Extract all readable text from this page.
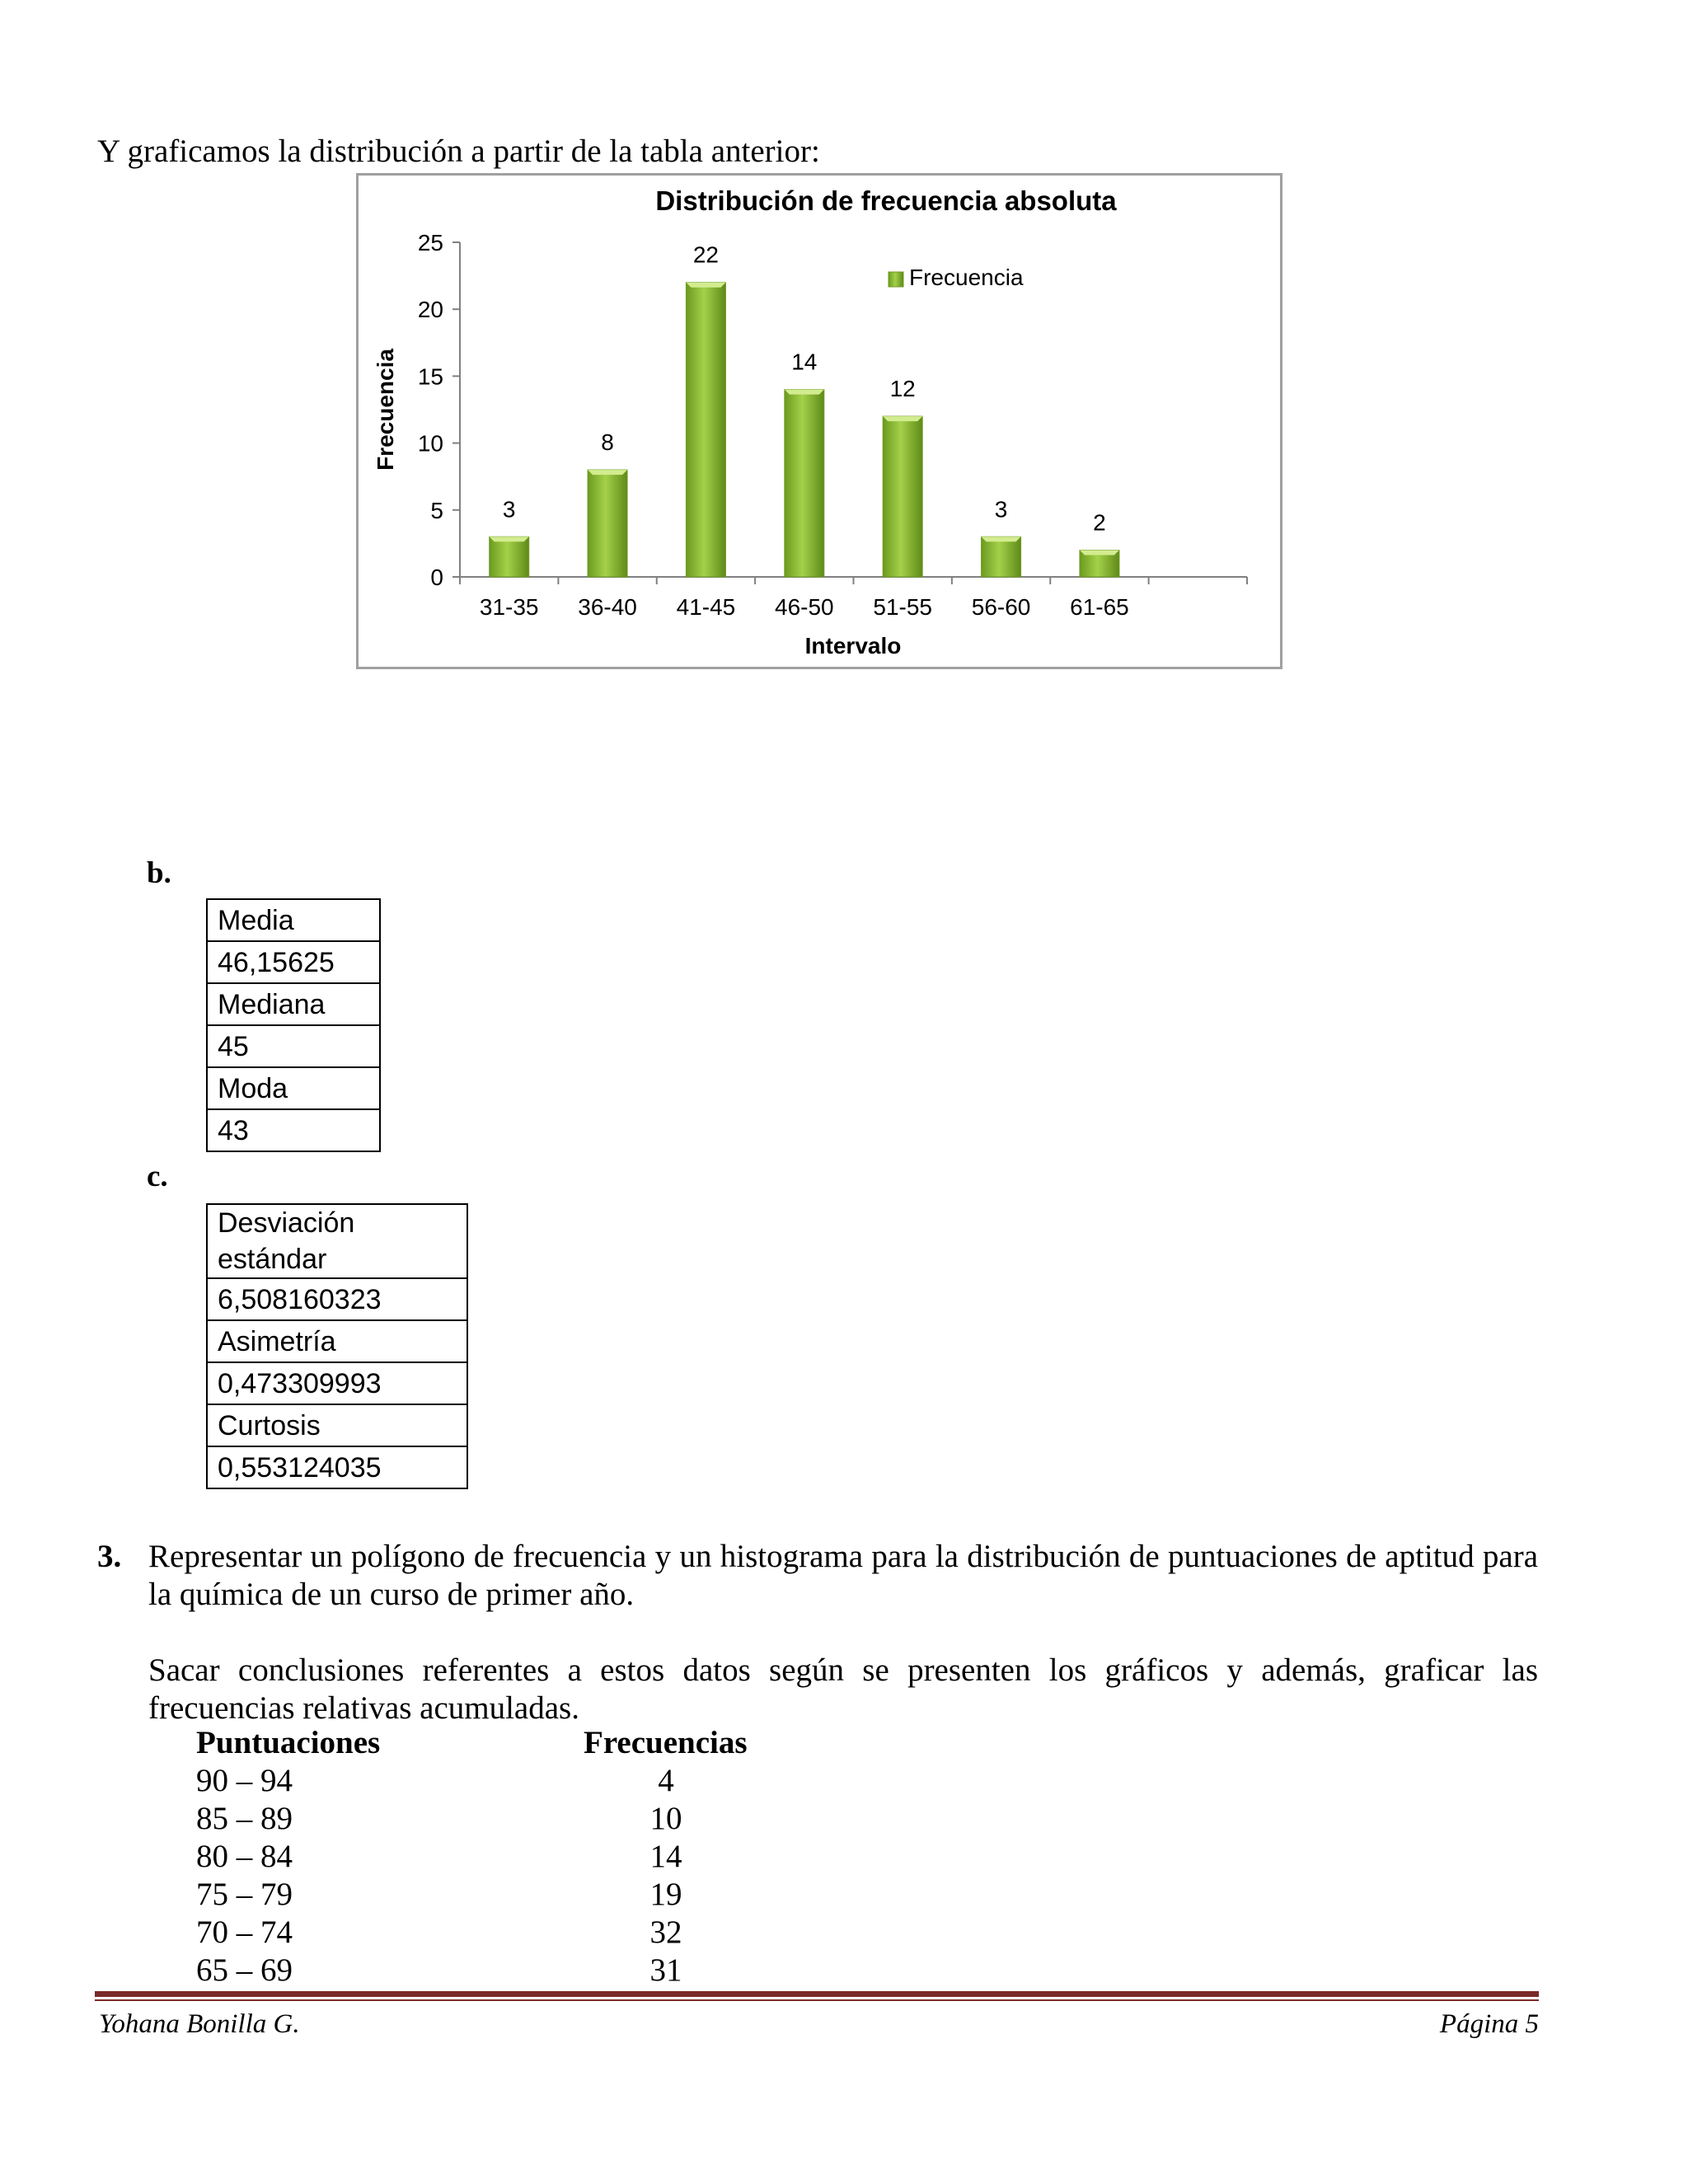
Y graficamos la distribución a partir de la tabla anterior:
Distribución de frecuencia absoluta
0
5
10
15
20
25
3
31-35
8
36-40
22
41-45
14
46-50
12
51-55
3
56-60
2
61-65
Intervalo
Frecuencia
Frecuencia
b.
Media
46,15625
Mediana
45
Moda
43
c.
Desviación estándar
6,508160323
Asimetría
0,473309993
Curtosis
0,553124035
3. Representar un polígono de frecuencia y un histograma para la distribución de puntuaciones de aptitud para la química de un curso de primer año.
Sacar conclusiones referentes a estos datos según se presenten los gráficos y además, graficar las frecuencias relativas acumuladas.
Puntuaciones	Frecuencias
90 – 94	4
85 – 89	10
80 – 84	14
75 – 79	19
70 – 74	32
65 – 69	31
Yohana Bonilla G.	Página 5
